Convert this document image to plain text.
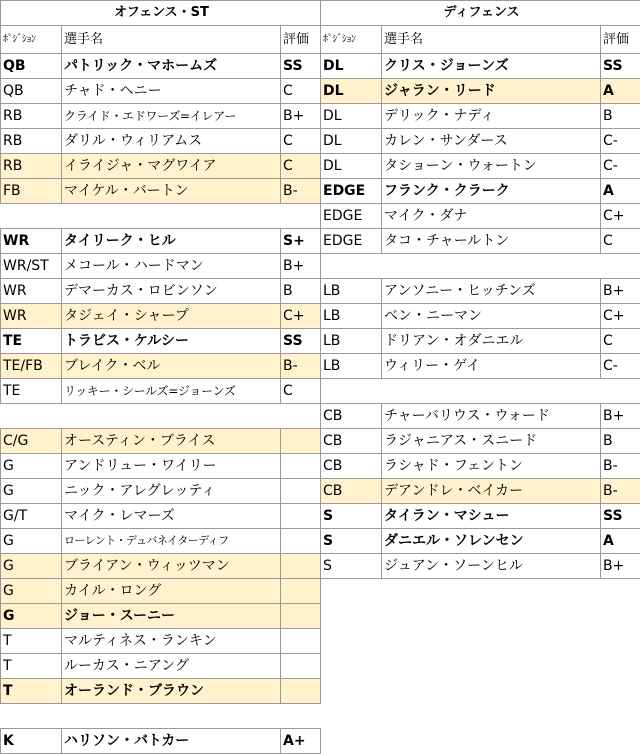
オフェンス・ST		
ﾎﾟｼﾞｼｮﾝ	選手名	評価
QB	パトリック・マホームズ	SS
QB	チャド・ヘニー	C
RB	クライド・エドワーズ=イレアー	B+
RB	ダリル・ウィリアムス	C
RB	イライジャ・マグワイア	C
FB	マイケル・バートン	B-

WR	タイリーク・ヒル	S+
WR/ST	メコール・ハードマン	B+
WR	デマーカス・ロビンソン	B
WR	タジェイ・シャープ	C+
TE	トラビス・ケルシー	SS
TE/FB	ブレイク・ベル	B-
TE	リッキー・シールズ=ジョーンズ	C

C/G	オースティン・ブライス	
G	アンドリュー・ワイリー	
G	ニック・アレグレッティ	
G/T	マイク・レマーズ	
G	ローレント・デュバネイターディフ	
G	ブライアン・ウィッツマン	
G	カイル・ロング	
G	ジョー・スーニー	
T	マルティネス・ランキン	
T	ルーカス・ニアング	
T	オーランド・ブラウン	

K	ハリソン・バトカー	A+
ディフェンス		
ﾎﾟｼﾞｼｮﾝ	選手名	評価
DL	クリス・ジョーンズ	SS
DL	ジャラン・リード	A
DL	デリック・ナディ	B
DL	カレン・サンダース	C-
DL	タショーン・ウォートン	C-
EDGE	フランク・クラーク	A
EDGE	マイク・ダナ	C+
EDGE	タコ・チャールトン	C

LB	アンソニー・ヒッチンズ	B+
LB	ベン・ニーマン	C+
LB	ドリアン・オダニエル	C
LB	ウィリー・ゲイ	C-

CB	チャーバリウス・ウォード	B+
CB	ラジャニアス・スニード	B
CB	ラシャド・フェントン	B-
CB	デアンドレ・ベイカー	B-
S	タイラン・マシュー	SS
S	ダニエル・ソレンセン	A
S	ジュアン・ソーンヒル	B+
